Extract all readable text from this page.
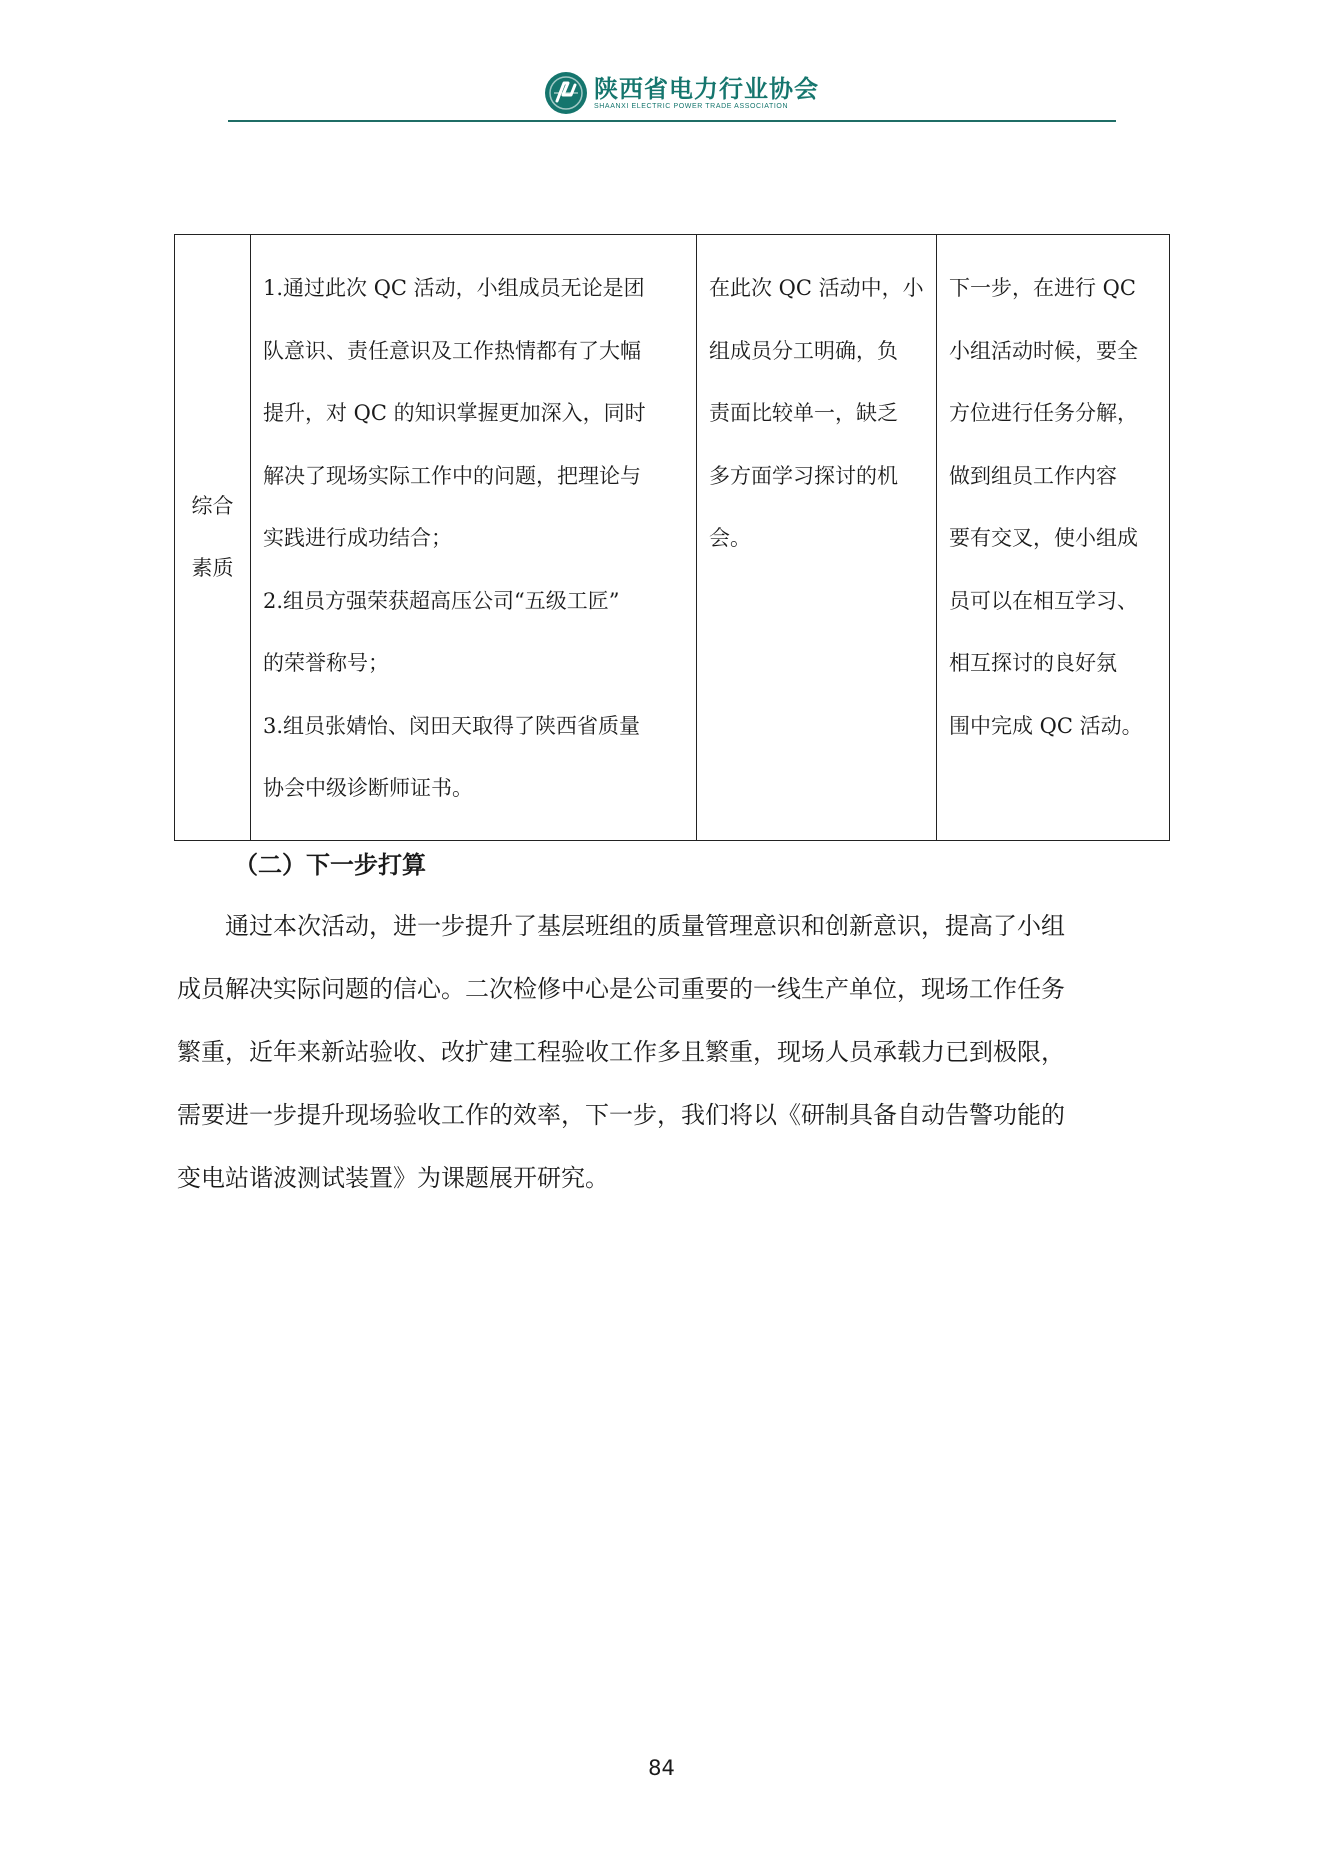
陕西省电力行业协会
SHAANXI ELECTRIC POWER TRADE ASSOCIATION
综合
素质

1.通过此次 QC 活动，小组成员无论是团
队意识、责任意识及工作热情都有了大幅
提升，对 QC 的知识掌握更加深入，同时
解决了现场实际工作中的问题，把理论与
实践进行成功结合；
2.组员方强荣获超高压公司“五级工匠”
的荣誉称号；
3.组员张婧怡、闵田天取得了陕西省质量
协会中级诊断师证书。

在此次 QC 活动中，小
组成员分工明确，负
责面比较单一，缺乏
多方面学习探讨的机
会。

下一步，在进行 QC
小组活动时候，要全
方位进行任务分解，
做到组员工作内容
要有交叉，使小组成
员可以在相互学习、
相互探讨的良好氛
围中完成 QC 活动。
（二）下一步打算
　　通过本次活动，进一步提升了基层班组的质量管理意识和创新意识，提高了小组
成员解决实际问题的信心。二次检修中心是公司重要的一线生产单位，现场工作任务
繁重，近年来新站验收、改扩建工程验收工作多且繁重，现场人员承载力已到极限，
需要进一步提升现场验收工作的效率，下一步，我们将以《研制具备自动告警功能的
变电站谐波测试装置》为课题展开研究。
84
